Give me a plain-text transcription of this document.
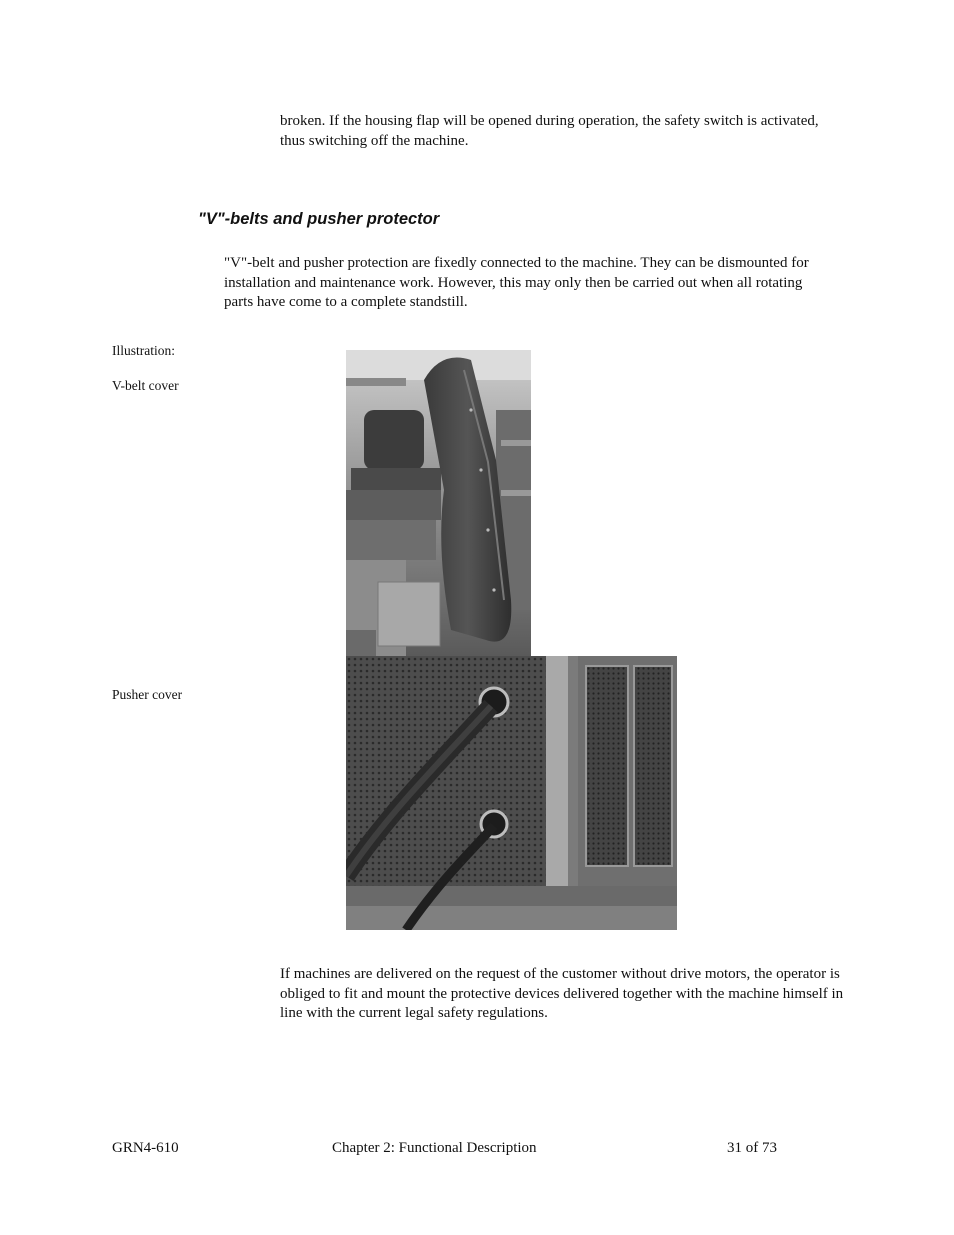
broken. If the housing flap will be opened during operation, the safety switch is activated, thus switching off the machine.
"V"-belts and pusher protector
"V"-belt and pusher protection are fixedly connected to the machine. They can be dismounted for installation and maintenance work. However, this may only then be carried out when all rotating parts have come to a complete standstill.
Illustration:
V-belt cover
Pusher cover
If machines are delivered on the request of the customer without drive motors, the operator is obliged to fit and mount the protective devices delivered together with the machine himself in line with the current legal safety regulations.
GRN4-610	Chapter 2: Functional Description	31 of 73
